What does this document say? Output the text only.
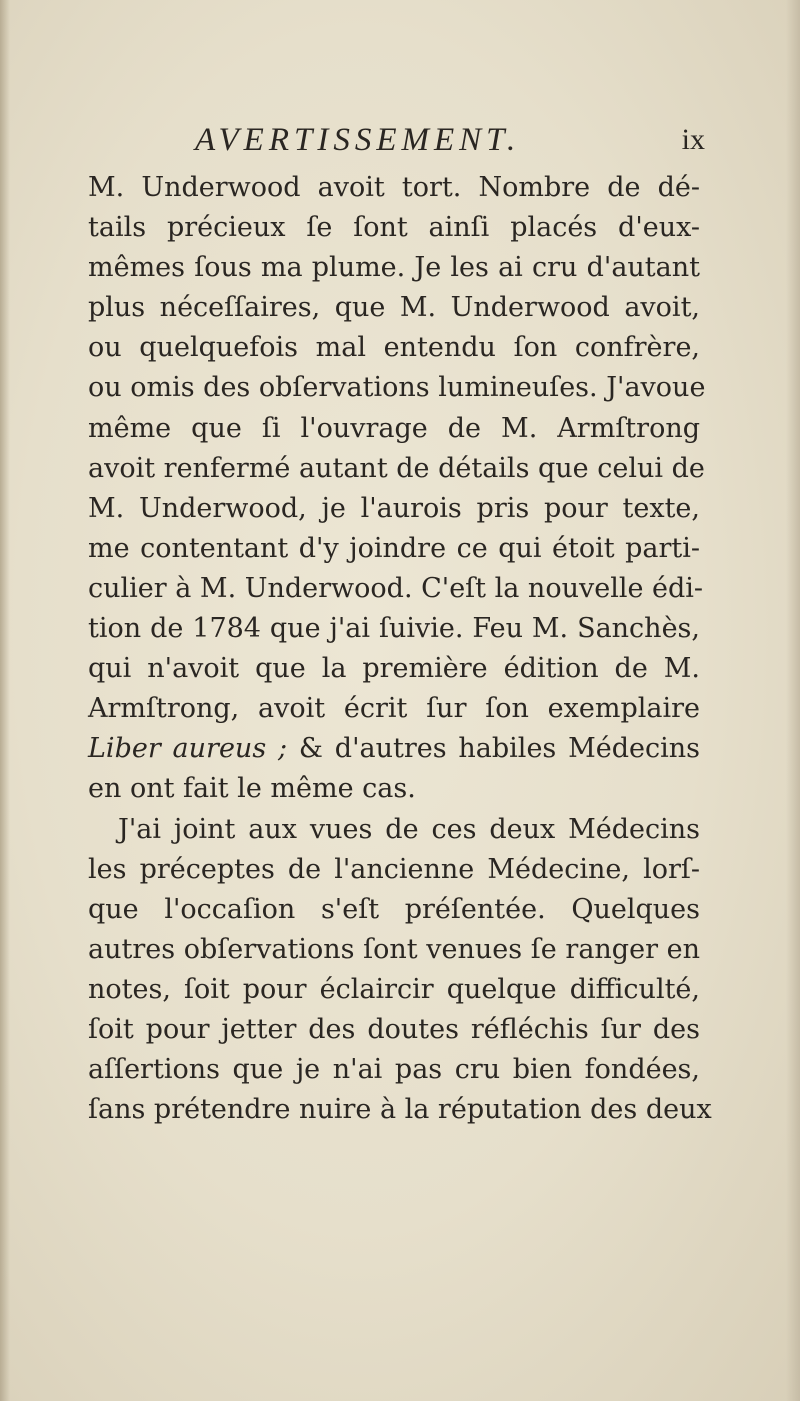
AVERTISSEMENT.	ix
M. Underwood avoit tort. Nombre de dé-
tails précieux ſe ſont ainſi placés d'eux-
mêmes ſous ma plume. Je les ai cru d'autant
plus néceſſaires, que M. Underwood avoit,
ou quelquefois mal entendu ſon confrère,
ou omis des obſervations lumineuſes. J'avoue
même que ſi l'ouvrage de M. Armſtrong
avoit renfermé autant de détails que celui de
M. Underwood, je l'aurois pris pour texte,
me contentant d'y joindre ce qui étoit parti-
culier à M. Underwood. C'eſt la nouvelle édi-
tion de 1784 que j'ai ſuivie. Feu M. Sanchès,
qui n'avoit que la première édition de M.
Armſtrong, avoit écrit ſur ſon exemplaire
Liber aureus ; & d'autres habiles Médecins
en ont fait le même cas.
J'ai joint aux vues de ces deux Médecins
les préceptes de l'ancienne Médecine, lorſ-
que l'occaſion s'eſt préſentée. Quelques
autres obſervations ſont venues ſe ranger en
notes, ſoit pour éclaircir quelque difficulté,
ſoit pour jetter des doutes réfléchis ſur des
aſſertions que je n'ai pas cru bien fondées,
ſans prétendre nuire à la réputation des deux
